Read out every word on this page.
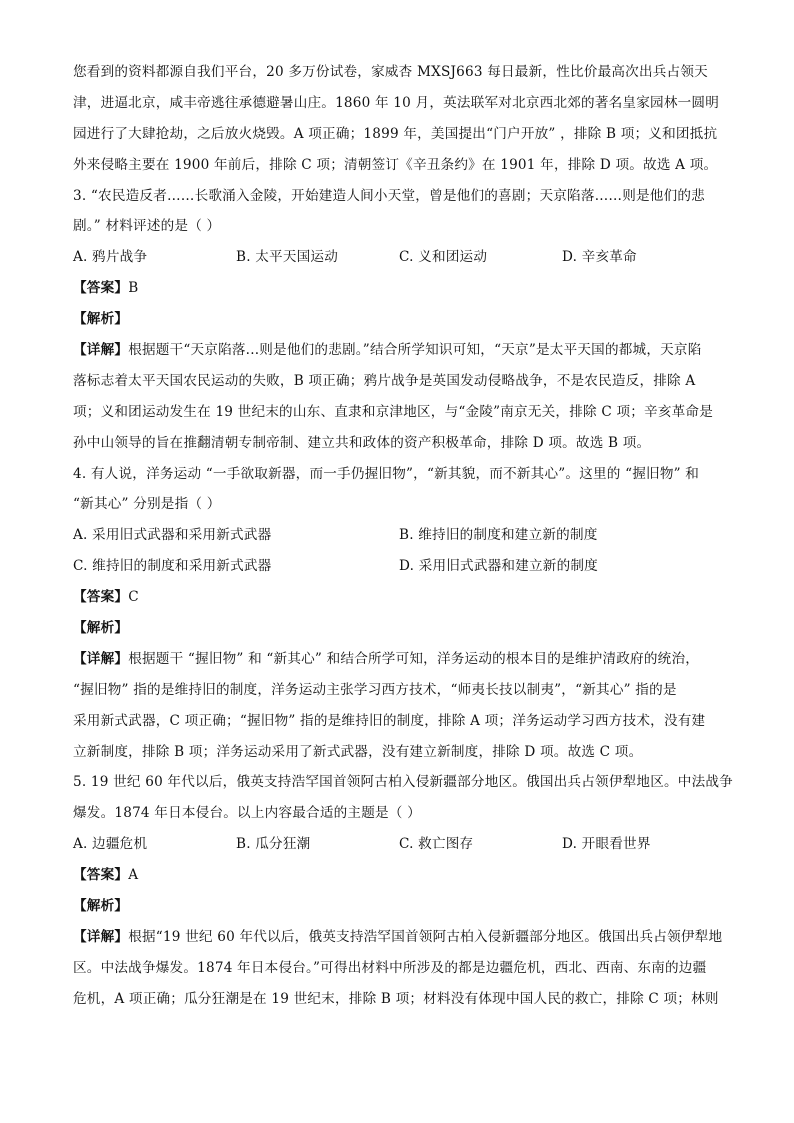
您看到的资料都源自我们平台，20 多万份试卷，家威杏 MXSJ663 每日最新，性比价最高次出兵占领天
津，进逼北京，咸丰帝逃往承德避暑山庄。1860 年 10 月，英法联军对北京西北郊的著名皇家园林一圆明
园进行了大肆抢劫，之后放火烧毁。A 项正确；1899 年，美国提出“门户开放” ，排除 B 项；义和团抵抗
外来侵略主要在 1900 年前后，排除 C 项；清朝签订《辛丑条约》在 1901 年，排除 D 项。故选 A 项。
3. “农民造反者……长歌涌入金陵，开始建造人间小天堂，曾是他们的喜剧；天京陷落……则是他们的悲
剧。” 材料评述的是（ ）
A. 鸦片战争	B. 太平天国运动	C. 义和团运动	D. 辛亥革命
【答案】B
【解析】
【详解】根据题干“天京陷落...则是他们的悲剧。”结合所学知识可知，“天京”是太平天国的都城，天京陷
落标志着太平天国农民运动的失败，B 项正确；鸦片战争是英国发动侵略战争，不是农民造反，排除 A
项；义和团运动发生在 19 世纪末的山东、直隶和京津地区，与“金陵”南京无关，排除 C 项；辛亥革命是
孙中山领导的旨在推翻清朝专制帝制、建立共和政体的资产积极革命，排除 D 项。故选 B 项。
4. 有人说，洋务运动 “一手欲取新器，而一手仍握旧物”，“新其貌，而不新其心”。这里的 “握旧物” 和
“新其心” 分别是指（ ）
A. 采用旧式武器和采用新式武器	B. 维持旧的制度和建立新的制度
C. 维持旧的制度和采用新式武器	D. 采用旧式武器和建立新的制度
【答案】C
【解析】
【详解】根据题干 “握旧物” 和 “新其心” 和结合所学可知，洋务运动的根本目的是维护清政府的统治，
“握旧物” 指的是维持旧的制度，洋务运动主张学习西方技术，“师夷长技以制夷”，“新其心” 指的是
采用新式武器，C 项正确；“握旧物” 指的是维持旧的制度，排除 A 项；洋务运动学习西方技术，没有建
立新制度，排除 B 项；洋务运动采用了新式武器，没有建立新制度，排除 D 项。故选 C 项。
5. 19 世纪 60 年代以后，俄英支持浩罕国首领阿古柏入侵新疆部分地区。俄国出兵占领伊犁地区。中法战争
爆发。1874 年日本侵台。以上内容最合适的主题是（ ）
A. 边疆危机	B. 瓜分狂潮	C. 救亡图存	D. 开眼看世界
【答案】A
【解析】
【详解】根据“19 世纪 60 年代以后，俄英支持浩罕国首领阿古柏入侵新疆部分地区。俄国出兵占领伊犁地
区。中法战争爆发。1874 年日本侵台。”可得出材料中所涉及的都是边疆危机，西北、西南、东南的边疆
危机，A 项正确；瓜分狂潮是在 19 世纪末，排除 B 项；材料没有体现中国人民的救亡，排除 C 项；林则
